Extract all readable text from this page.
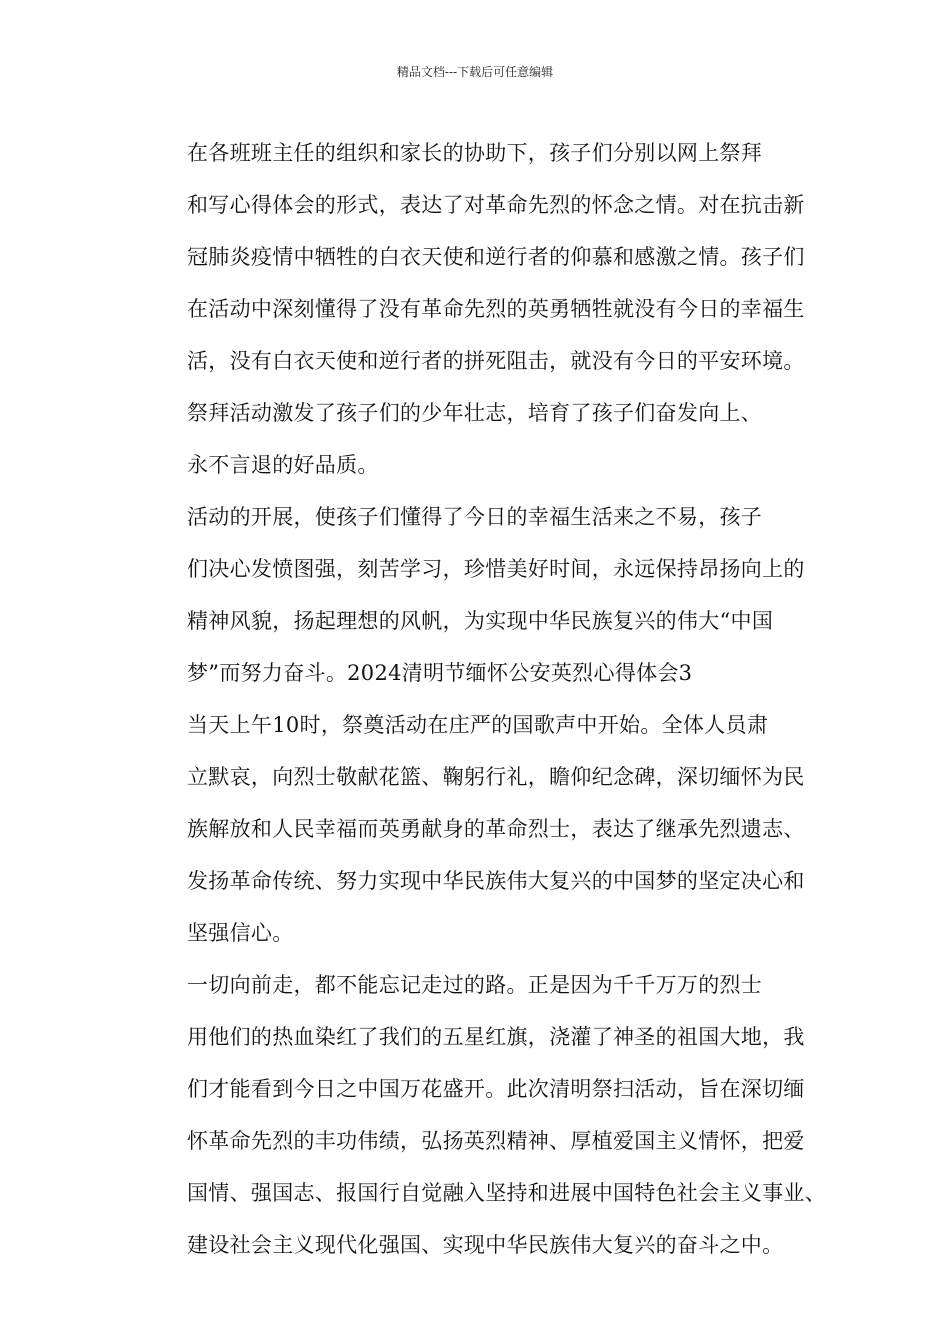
精品文档---下载后可任意编辑

在各班班主任的组织和家长的协助下，孩子们分别以网上祭拜
和写心得体会的形式，表达了对革命先烈的怀念之情。对在抗击新
冠肺炎疫情中牺牲的白衣天使和逆行者的仰慕和感激之情。孩子们
在活动中深刻懂得了没有革命先烈的英勇牺牲就没有今日的幸福生
活，没有白衣天使和逆行者的拼死阻击，就没有今日的平安环境。

祭拜活动激发了孩子们的少年壮志，培育了孩子们奋发向上、
永不言退的好品质。

活动的开展，使孩子们懂得了今日的幸福生活来之不易，孩子
们决心发愤图强，刻苦学习，珍惜美好时间，永远保持昂扬向上的
精神风貌，扬起理想的风帆，为实现中华民族复兴的伟大“中国
梦”而努力奋斗。2024清明节缅怀公安英烈心得体会3

当天上午10时，祭奠活动在庄严的国歌声中开始。全体人员肃
立默哀，向烈士敬献花篮、鞠躬行礼，瞻仰纪念碑，深切缅怀为民
族解放和人民幸福而英勇献身的革命烈士，表达了继承先烈遗志、
发扬革命传统、努力实现中华民族伟大复兴的中国梦的坚定决心和
坚强信心。

一切向前走，都不能忘记走过的路。正是因为千千万万的烈士
用他们的热血染红了我们的五星红旗，浇灌了神圣的祖国大地，我
们才能看到今日之中国万花盛开。此次清明祭扫活动，旨在深切缅
怀革命先烈的丰功伟绩，弘扬英烈精神、厚植爱国主义情怀，把爱
国情、强国志、报国行自觉融入坚持和进展中国特色社会主义事业、
建设社会主义现代化强国、实现中华民族伟大复兴的奋斗之中。
